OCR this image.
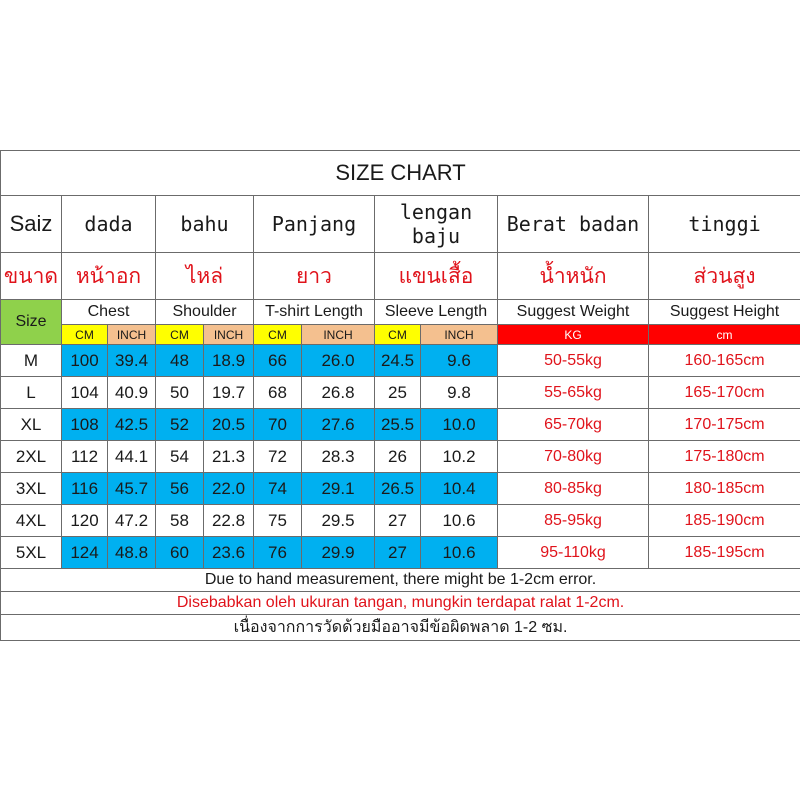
SIZE CHART										
Saiz	dada		bahu		Panjang		lengan baju		Berat badan	tinggi
ขนาด	หน้าอก		ไหล่		ยาว		แขนเสื้อ		น้ำหนัก	ส่วนสูง
Size	Chest		Shoulder		T-shirt Length		Sleeve Length		Suggest Weight	Suggest Height
	CM	INCH	CM	INCH	CM	INCH	CM	INCH	KG	cm
M	100	39.4	48	18.9	66	26.0	24.5	9.6	50-55kg	160-165cm
L	104	40.9	50	19.7	68	26.8	25	9.8	55-65kg	165-170cm
XL	108	42.5	52	20.5	70	27.6	25.5	10.0	65-70kg	170-175cm
2XL	112	44.1	54	21.3	72	28.3	26	10.2	70-80kg	175-180cm
3XL	116	45.7	56	22.0	74	29.1	26.5	10.4	80-85kg	180-185cm
4XL	120	47.2	58	22.8	75	29.5	27	10.6	85-95kg	185-190cm
5XL	124	48.8	60	23.6	76	29.9	27	10.6	95-110kg	185-195cm
Due to hand measurement, there might be 1-2cm error.										
Disebabkan oleh ukuran tangan, mungkin terdapat ralat 1-2cm.										
เนื่องจากการวัดด้วยมืออาจมีข้อผิดพลาด 1-2 ซม.										
